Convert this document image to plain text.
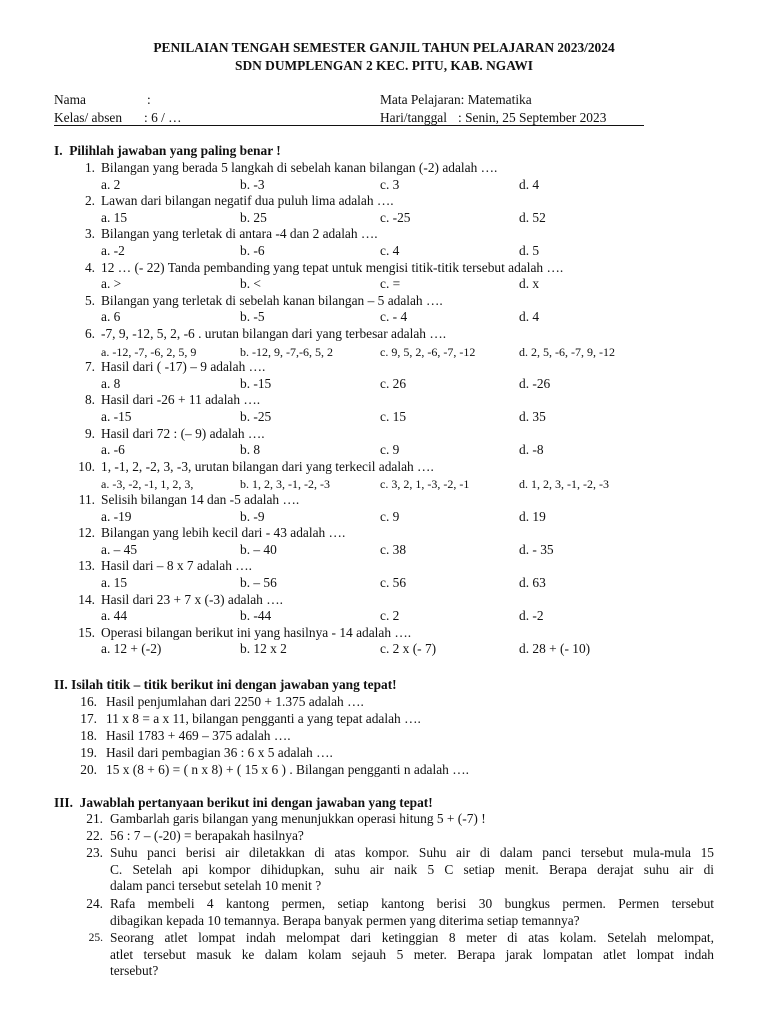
PENILAIAN TENGAH SEMESTER GANJIL TAHUN PELAJARAN 2023/2024
SDN DUMPLENGAN 2 KEC. PITU, KAB. NGAWI
Nama	:	Mata Pelajaran: Matematika
Kelas/ absen : 6 / …	Hari/tanggal : Senin, 25 September 2023
I.  Pilihlah jawaban yang paling benar !
1. Bilangan yang berada 5 langkah di sebelah kanan bilangan (-2) adalah ….
a. 2	b. -3	c. 3	d. 4
2. Lawan dari bilangan negatif dua puluh lima adalah ….
a. 15	b. 25	c. -25	d. 52
3. Bilangan yang terletak di antara -4 dan 2 adalah ….
a. -2	b. -6	c. 4	d. 5
4. 12 … (- 22) Tanda pembanding yang tepat untuk mengisi titik-titik tersebut adalah ….
a. >	b. <	c. =	d. x
5. Bilangan yang terletak di sebelah kanan bilangan – 5 adalah ….
a. 6	b. -5	c. - 4	d. 4
6. -7, 9, -12, 5, 2, -6 . urutan bilangan dari yang terbesar adalah ….
a. -12, -7, -6, 2, 5, 9	b. -12, 9, -7,-6, 5, 2	c. 9, 5, 2, -6, -7, -12	d. 2, 5, -6, -7, 9, -12
7. Hasil dari ( -17) – 9 adalah ….
a. 8	b. -15	c. 26	d. -26
8. Hasil dari -26 + 11 adalah ….
a. -15	b. -25	c. 15	d. 35
9. Hasil dari 72 : (– 9) adalah ….
a. -6	b. 8	c. 9	d. -8
10. 1, -1, 2, -2, 3, -3, urutan bilangan dari yang terkecil adalah ….
a. -3, -2, -1, 1, 2, 3,	b. 1, 2, 3, -1, -2, -3	c. 3, 2, 1, -3, -2, -1	d. 1, 2, 3, -1, -2, -3
11. Selisih bilangan 14 dan -5 adalah ….
a. -19	b. -9	c. 9	d. 19
12. Bilangan yang lebih kecil dari - 43 adalah ….
a. – 45	b. – 40	c. 38	d. - 35
13. Hasil dari – 8 x 7 adalah ….
a. 15	b. – 56	c. 56	d. 63
14. Hasil dari 23 + 7 x (-3) adalah ….
a. 44	b. -44	c. 2	d. -2
15. Operasi bilangan berikut ini yang hasilnya - 14 adalah ….
a. 12 + (-2)	b. 12 x 2	c. 2 x (- 7)	d. 28 + (- 10)
II. Isilah titik – titik berikut ini dengan jawaban yang tepat!
16. Hasil penjumlahan dari 2250 + 1.375 adalah ….
17. 11 x 8 = a x 11, bilangan pengganti a yang tepat adalah ….
18. Hasil 1783 + 469 – 375 adalah ….
19. Hasil dari pembagian 36 : 6 x 5 adalah ….
20. 15 x (8 + 6) = ( n x 8) + ( 15 x 6 ) . Bilangan pengganti n adalah ….
III.  Jawablah pertanyaan berikut ini dengan jawaban yang tepat!
21. Gambarlah garis bilangan yang menunjukkan operasi hitung 5 + (-7) !
22. 56 : 7 – (-20) = berapakah hasilnya?
23. Suhu panci berisi air diletakkan di atas kompor. Suhu air di dalam panci tersebut mula-mula 15
C. Setelah api kompor dihidupkan, suhu air naik 5 C setiap menit. Berapa derajat suhu air di
dalam panci tersebut setelah 10 menit ?
24. Rafa membeli 4 kantong permen, setiap kantong berisi 30 bungkus permen. Permen tersebut
dibagikan kepada 10 temannya. Berapa banyak permen yang diterima setiap temannya?
25. Seorang atlet lompat indah melompat dari ketinggian 8 meter di atas kolam. Setelah melompat,
atlet tersebut masuk ke dalam kolam sejauh 5 meter. Berapa jarak lompatan atlet lompat indah
tersebut?
